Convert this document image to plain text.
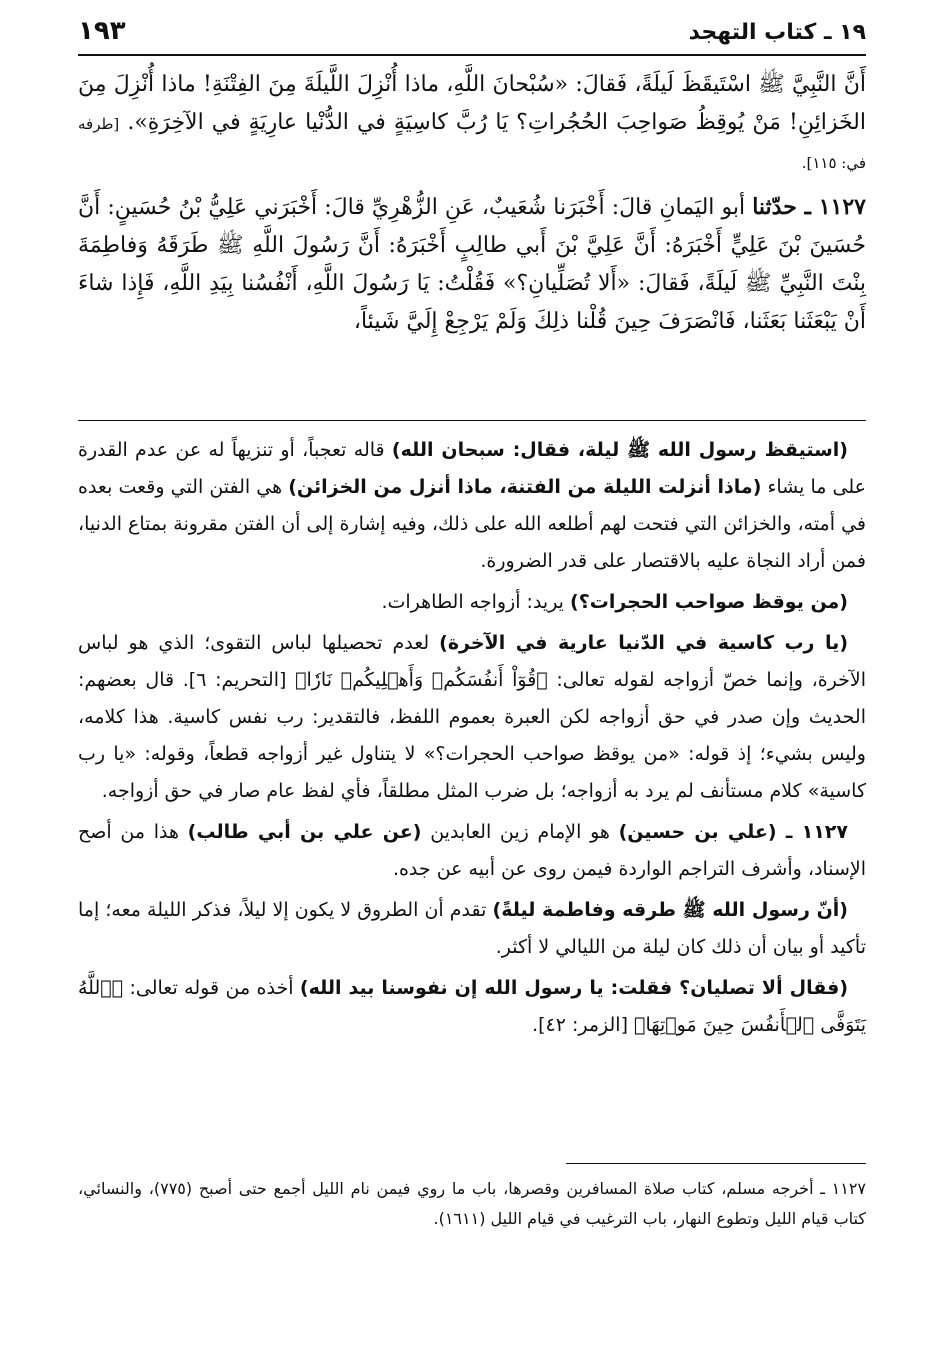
١٩ ـ كتاب التهجد
١٩٣

أَنَّ النَّبِيَّ ﷺ اسْتَيقَظَ لَيلَةً، فَقالَ: «سُبْحانَ اللَّهِ، ماذا أُنْزِلَ اللَّيلَةَ مِنَ الفِتْنَةِ! ماذا أُنْزِلَ مِنَ الخَزائِنِ! مَنْ يُوقِظُ صَواحِبَ الحُجُراتِ؟ يَا رُبَّ كاسِيَةٍ في الدُّنْيا عارِيَةٍ في الآخِرَةِ». [طرفه في: ١١٥].

١١٢٧ ـ حدّثنا أبو اليَمانِ قالَ: أَخْبَرَنا شُعَيبٌ، عَنِ الزُّهْرِيِّ قالَ: أَخْبَرَني عَلِيُّ بْنُ حُسَينٍ: أَنَّ حُسَينَ بْنَ عَلِيٍّ أَخْبَرَهُ: أَنَّ عَلِيَّ بْنَ أَبي طالِبٍ أَخْبَرَهُ: أَنَّ رَسُولَ اللَّهِ ﷺ طَرَقَهُ وَفاطِمَةَ بِنْتَ النَّبِيِّ ﷺ لَيلَةً، فَقالَ: «أَلا تُصَلِّيانِ؟» فَقُلْتُ: يَا رَسُولَ اللَّهِ، أَنْفُسُنا بِيَدِ اللَّهِ، فَإِذا شاءَ أَنْ يَبْعَثَنا بَعَثَنا، فَانْصَرَفَ حِينَ قُلْنا ذلِكَ وَلَمْ يَرْجِعْ إِلَيَّ شَيئاً،

(استيقظ رسول الله ﷺ ليلة، فقال: سبحان الله) قاله تعجباً، أو تنزيهاً له عن عدم القدرة على ما يشاء (ماذا أنزلت الليلة من الفتنة، ماذا أنزل من الخزائن) هي الفتن التي وقعت بعده في أمته، والخزائن التي فتحت لهم أطلعه الله على ذلك، وفيه إشارة إلى أن الفتن مقرونة بمتاع الدنيا، فمن أراد النجاة عليه بالاقتصار على قدر الضرورة.

(من يوقظ صواحب الحجرات؟) يريد: أزواجه الطاهرات.

(يا رب كاسية في الدّنيا عارية في الآخرة) لعدم تحصيلها لباس التقوى؛ الذي هو لباس الآخرة، وإنما خصّ أزواجه لقوله تعالى: ﴿قُوٓاْ أَنفُسَكُمۡ وَأَهۡلِيكُمۡ نَارٗا﴾ [التحريم: ٦]. قال بعضهم: الحديث وإن صدر في حق أزواجه لكن العبرة بعموم اللفظ، فالتقدير: رب نفس كاسية. هذا كلامه، وليس بشيء؛ إذ قوله: «من يوقظ صواحب الحجرات؟» لا يتناول غير أزواجه قطعاً، وقوله: «يا رب كاسية» كلام مستأنف لم يرد به أزواجه؛ بل ضرب المثل مطلقاً، فأي لفظ عام صار في حق أزواجه.

١١٢٧ ـ (علي بن حسين) هو الإمام زين العابدين (عن علي بن أبي طالب) هذا من أصح الإسناد، وأشرف التراجم الواردة فيمن روى عن أبيه عن جده.

(أنّ رسول الله ﷺ طرقه وفاطمة ليلةً) تقدم أن الطروق لا يكون إلا ليلاً، فذكر الليلة معه؛ إما تأكيد أو بيان أن ذلك كان ليلة من الليالي لا أكثر.

(فقال ألا تصليان؟ فقلت: يا رسول الله إن نفوسنا بيد الله) أخذه من قوله تعالى: ﴿ٱللَّهُ يَتَوَفَّى ٱلۡأَنفُسَ حِينَ مَوۡتِهَا﴾ [الزمر: ٤٢].

١١٢٧ ـ أخرجه مسلم، كتاب صلاة المسافرين وقصرها، باب ما روي فيمن نام الليل أجمع حتى أصبح (٧٧٥)، والنسائي، كتاب قيام الليل وتطوع النهار، باب الترغيب في قيام الليل (١٦١١).
